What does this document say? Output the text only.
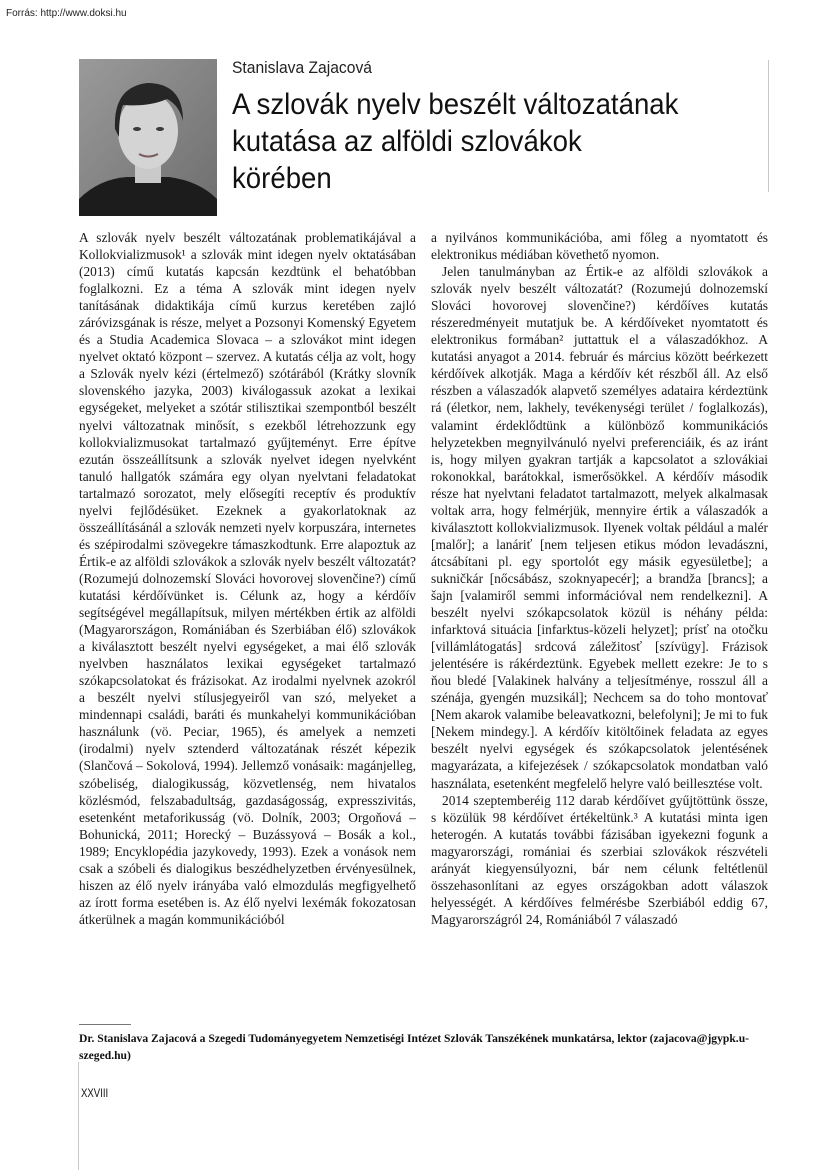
Forrás: http://www.doksi.hu
Stanislava Zajacová
A szlovák nyelv beszélt változatának
kutatása az alföldi szlovákok
körében

A szlovák nyelv beszélt változatának problematikájával a Kollokvializmusok¹ a szlovák mint idegen nyelv oktatásában (2013) című kutatás kapcsán kezdtünk el behatóbban foglalkozni. Ez a téma A szlovák mint idegen nyelv tanításának didaktikája című kurzus keretében zajló záróvizsgának is része, melyet a Pozsonyi Komenský Egyetem és a Studia Academica Slovaca – a szlovákot mint idegen nyelvet oktató központ – szervez. A kutatás célja az volt, hogy a Szlovák nyelv kézi (értelmező) szótárából (Krátky slovník slovenského jazyka, 2003) kiválogassuk azokat a lexikai egységeket, melyeket a szótár stilisztikai szempontból beszélt nyelvi változatnak minősít, s ezekből létrehozzunk egy kollokvializmusokat tartalmazó gyűjteményt. Erre építve ezután összeállítsunk a szlovák nyelvet idegen nyelvként tanuló hallgatók számára egy olyan nyelvtani feladatokat tartalmazó sorozatot, mely elősegíti receptív és produktív nyelvi fejlődésüket. Ezeknek a gyakorlatoknak az összeállításánál a szlovák nemzeti nyelv korpuszára, internetes és szépirodalmi szövegekre támaszkodtunk. Erre alapoztuk az Értik-e az alföldi szlovákok a szlovák nyelv beszélt változatát? (Rozumejú dolnozemskí Slováci hovorovej slovenčine?) című kutatási kérdőívünket is. Célunk az, hogy a kérdőív segítségével megállapítsuk, milyen mértékben értik az alföldi (Magyarországon, Romániában és Szerbiában élő) szlovákok a kiválasztott beszélt nyelvi egységeket, a mai élő szlovák nyelvben használatos lexikai egységeket tartalmazó szókapcsolatokat és frázisokat. Az irodalmi nyelvnek azokról a beszélt nyelvi stílusjegyeiről van szó, melyeket a mindennapi családi, baráti és munkahelyi kommunikációban használunk (vö. Peciar, 1965), és amelyek a nemzeti (irodalmi) nyelv sztenderd változatának részét képezik (Slančová – Sokolová, 1994). Jellemző vonásaik: magánjelleg, szóbeliség, dialogikusság, közvetlenség, nem hivatalos közlésmód, felszabadultság, gazdaságosság, expresszivitás, esetenként metaforikusság (vö. Dolník, 2003; Orgoňová – Bohunická, 2011; Horecký – Buzássyová – Bosák a kol., 1989; Encyklopédia jazykovedy, 1993). Ezek a vonások nem csak a szóbeli és dialogikus beszédhelyzetben érvényesülnek, hiszen az élő nyelv irányába való elmozdulás megfigyelhető az írott forma esetében is. Az élő nyelvi lexémák fokozatosan átkerülnek a magán kommunikációból

a nyilvános kommunikációba, ami főleg a nyomtatott és elektronikus médiában követhető nyomon.

Jelen tanulmányban az Értik-e az alföldi szlovákok a szlovák nyelv beszélt változatát? (Rozumejú dolnozemskí Slováci hovorovej slovenčine?) kérdőíves kutatás részeredményeit mutatjuk be. A kérdőíveket nyomtatott és elektronikus formában² juttattuk el a válaszadókhoz. A kutatási anyagot a 2014. február és március között beérkezett kérdőívek alkotják. Maga a kérdőív két részből áll. Az első részben a válaszadók alapvető személyes adataira kérdeztünk rá (életkor, nem, lakhely, tevékenységi terület / foglalkozás), valamint érdeklődtünk a különböző kommunikációs helyzetekben megnyilvánuló nyelvi preferenciáik, és az iránt is, hogy milyen gyakran tartják a kapcsolatot a szlovákiai rokonokkal, barátokkal, ismerősökkel. A kérdőív második része hat nyelvtani feladatot tartalmazott, melyek alkalmasak voltak arra, hogy felmérjük, mennyire értik a válaszadók a kiválasztott kollokvializmusok. Ilyenek voltak például a malér [malőr]; a lanáriť [nem teljesen etikus módon levadászni, átcsábítani pl. egy sportolót egy másik egyesületbe]; a sukničkár [nőcsábász, szoknyapecér]; a brandža [brancs]; a šajn [valamiről semmi információval nem rendelkezni]. A beszélt nyelvi szókapcsolatok közül is néhány példa: infarktová situácia [infarktus-közeli helyzet]; prísť na otočku [villámlátogatás] srdcová záležitosť [szívügy]. Frázisok jelentésére is rákérdeztünk. Egyebek mellett ezekre: Je to s ňou bledé [Valakinek halvány a teljesítménye, rosszul áll a szénája, gyengén muzsikál]; Nechcem sa do toho montovať [Nem akarok valamibe beleavatkozni, belefolyni]; Je mi to fuk [Nekem mindegy.]. A kérdőív kitöltőinek feladata az egyes beszélt nyelvi egységek és szókapcsolatok jelentésének magyarázata, a kifejezések / szókapcsolatok mondatban való használata, esetenként megfelelő helyre való beillesztése volt.

2014 szeptemberéig 112 darab kérdőívet gyűjtöttünk össze, s közülük 98 kérdőívet értékeltünk.³ A kutatási minta igen heterogén. A kutatás további fázisában igyekezni fogunk a magyarországi, romániai és szerbiai szlovákok részvételi arányát kiegyensúlyozni, bár nem célunk feltétlenül összehasonlítani az egyes országokban adott válaszok helyességét. A kérdőíves felmérésbe Szerbiából eddig 67, Magyarországról 24, Romániából 7 válaszadó

Dr. Stanislava Zajacová a Szegedi Tudományegyetem Nemzetiségi Intézet Szlovák Tanszékének munkatársa, lektor (zajacova@jgypk.u-szeged.hu)
XXVIII
